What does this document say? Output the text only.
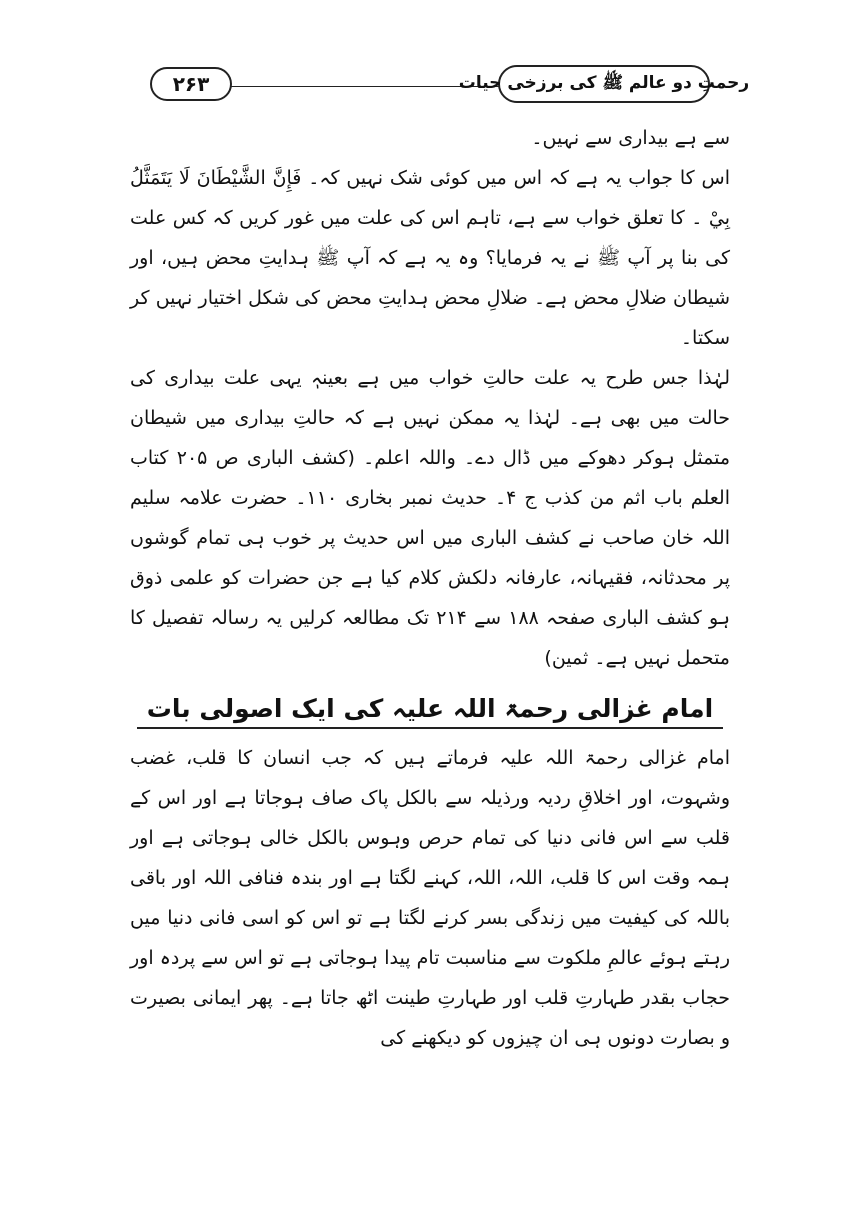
۲۶۳	رحمتِ دو عالم ﷺ کی برزخی حیات

سے ہے بیداری سے نہیں۔

اس کا جواب یہ ہے کہ اس میں کوئی شک نہیں کہ۔ فَإِنَّ الشَّيْطَانَ لَا يَتَمَثَّلُ بِيْ ۔ کا تعلق خواب سے ہے، تاہم اس کی علت میں غور کریں کہ کس علت کی بنا پر آپ ﷺ نے یہ فرمایا؟ وہ یہ ہے کہ آپ ﷺ ہدایتِ محض ہیں، اور شیطان ضلالِ محض ہے۔ ضلالِ محض ہدایتِ محض کی شکل اختیار نہیں کر سکتا۔

لہٰذا جس طرح یہ علت حالتِ خواب میں ہے بعینہٖ یہی علت بیداری کی حالت میں بھی ہے۔ لہٰذا یہ ممکن نہیں ہے کہ حالتِ بیداری میں شیطان متمثل ہوکر دھوکے میں ڈال دے۔ واللہ اعلم۔ (کشف الباری ص ۲۰۵ کتاب العلم باب اثم من کذب ج ۴۔ حدیث نمبر بخاری ۱۱۰۔ حضرت علامہ سلیم اللہ خان صاحب نے کشف الباری میں اس حدیث پر خوب ہی تمام گوشوں پر محدثانہ، فقیہانہ، عارفانہ دلکش کلام کیا ہے جن حضرات کو علمی ذوق ہو کشف الباری صفحہ ۱۸۸ سے ۲۱۴ تک مطالعہ کرلیں یہ رسالہ تفصیل کا متحمل نہیں ہے۔ ثمین)

امام غزالی رحمۃ اللہ علیہ کی ایک اصولی بات

امام غزالی رحمۃ اللہ علیہ فرماتے ہیں کہ جب انسان کا قلب، غضب وشہوت، اور اخلاقِ ردیہ ورذیلہ سے بالکل پاک صاف ہوجاتا ہے اور اس کے قلب سے اس فانی دنیا کی تمام حرص وہوس بالکل خالی ہوجاتی ہے اور ہمہ وقت اس کا قلب، اللہ، اللہ، کہنے لگتا ہے اور بندہ فنافی اللہ اور باقی باللہ کی کیفیت میں زندگی بسر کرنے لگتا ہے تو اس کو اسی فانی دنیا میں رہتے ہوئے عالمِ ملکوت سے مناسبت تام پیدا ہوجاتی ہے تو اس سے پردہ اور حجاب بقدر طہارتِ قلب اور طہارتِ طینت اٹھ جاتا ہے۔ پھر ایمانی بصیرت و بصارت دونوں ہی ان چیزوں کو دیکھنے کی
